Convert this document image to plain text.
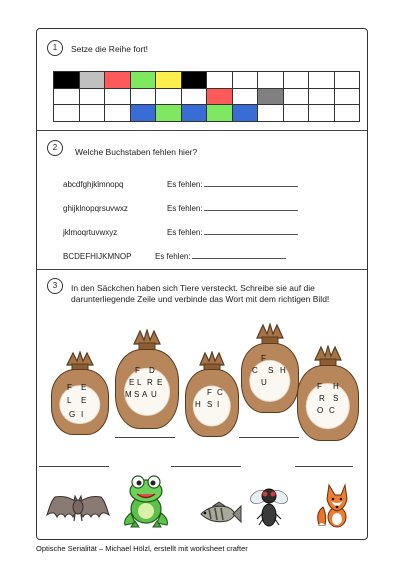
1	Setze die Reihe fort!
2	Welche Buchstaben fehlen hier?
abcdfghjklmnopq	Es fehlen:
ghijklnopqrsuvwxz	Es fehlen:
jklmoqrtuvwxyz	Es fehlen:
BCDEFHIJKMNOP	Es fehlen:
3	In den Säckchen haben sich Tiere versteckt. Schreibe sie auf die darunterliegende Zeile und verbinde das Wort mit dem richtigen Bild!
F
E
L
I
E
G
F D
E L R E
M S A U	F C
H S I
F
C S H
U	F H
R S
O C
Optische Serialität – Michael Hölzl, erstellt mit worksheet crafter
